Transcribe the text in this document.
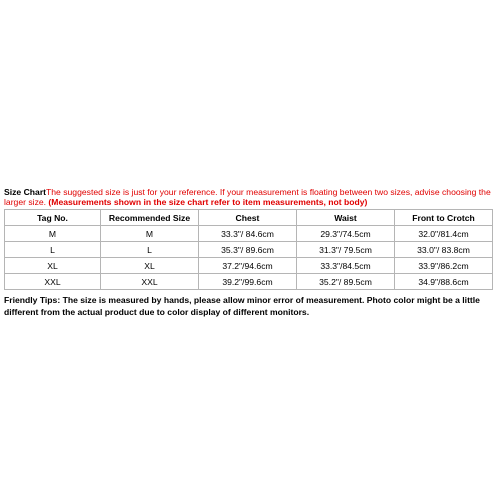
Size ChartThe suggested size is just for your reference. If your measurement is floating between two sizes, advise choosing the larger size. (Measurements shown in the size chart refer to item measurements, not body)
Tag No.	Recommended Size	Chest	Waist	Front to Crotch
M	M	33.3"/ 84.6cm	29.3"/74.5cm	32.0"/81.4cm
L	L	35.3"/ 89.6cm	31.3"/ 79.5cm	33.0"/ 83.8cm
XL	XL	37.2"/94.6cm	33.3"/84.5cm	33.9"/86.2cm
XXL	XXL	39.2"/99.6cm	35.2"/ 89.5cm	34.9"/88.6cm
Friendly Tips: The size is measured by hands, please allow minor error of measurement. Photo color might be a little different from the actual product due to color display of different monitors.
